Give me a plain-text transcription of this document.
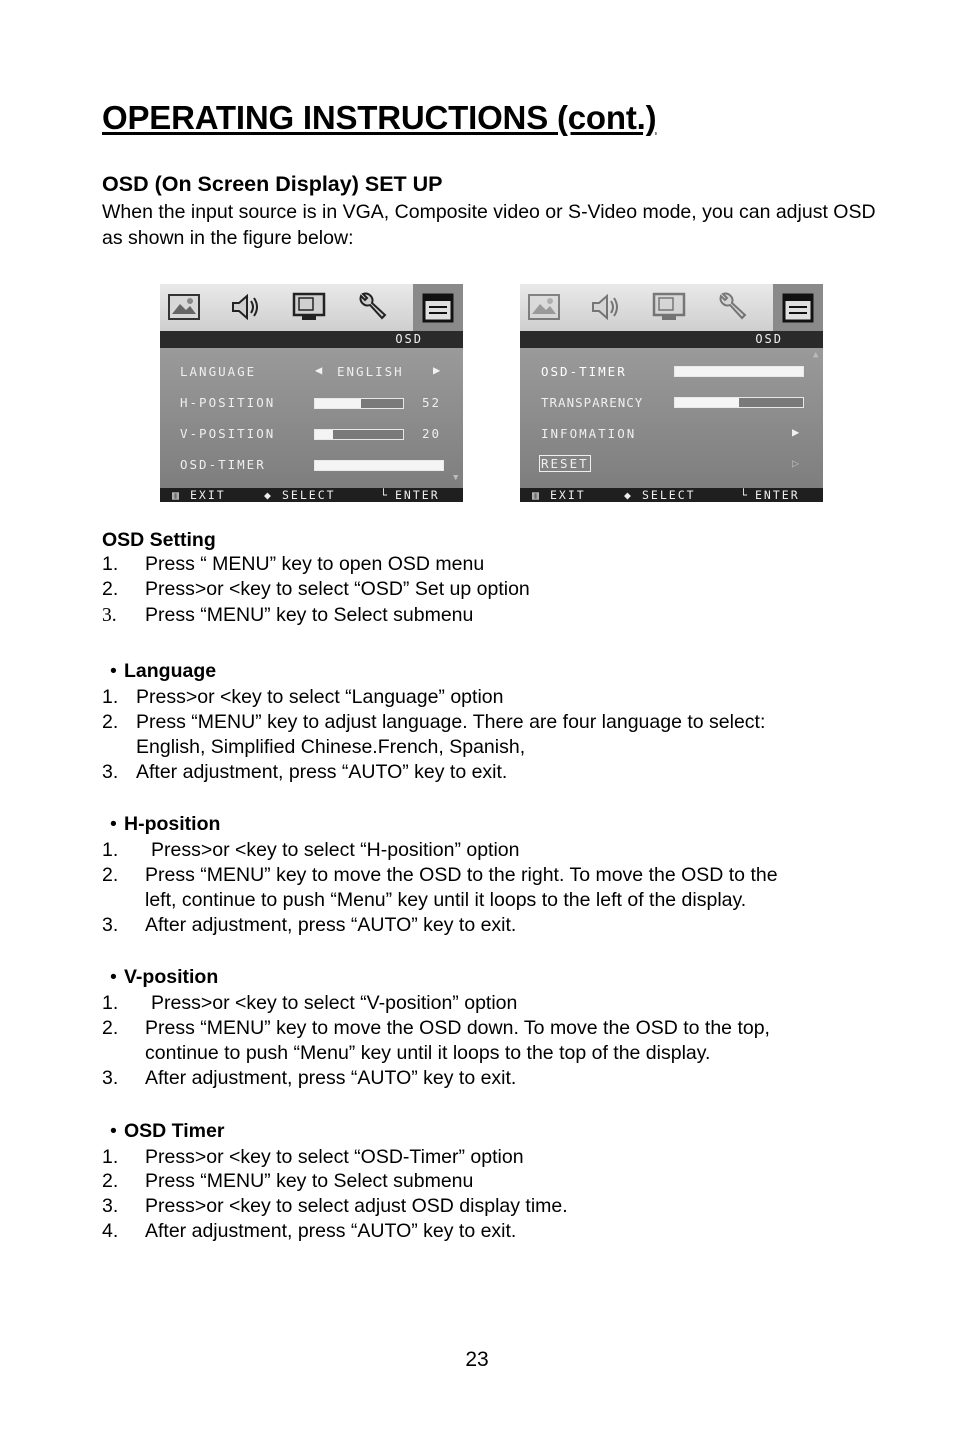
OPERATING INSTRUCTIONS (cont.)
OSD (On Screen Display) SET UP
When the input source is in VGA, Composite video or S-Video mode, you can adjust OSD as shown in the figure below:
OSD
LANGUAGE	◀ ENGLISH ▶
H-POSITION	52
V-POSITION	20
OSD-TIMER
▼
▥ EXIT	◆ SELECT	└ ENTER
OSD
▲
OSD-TIMER
TRANSPARENCY
INFOMATION	▶
RESET	▷
▥ EXIT	◆ SELECT	└ ENTER
OSD Setting
1. Press “ MENU” key to open OSD menu
2. Press>or <key to select “OSD” Set up option
3. Press “MENU” key to Select submenu
• Language
1. Press>or <key to select “Language” option
2. Press “MENU” key to adjust language. There are four language to select:
English, Simplified Chinese.French, Spanish,
3. After adjustment, press “AUTO” key to exit.
• H-position
1. Press>or <key to select “H-position” option
2. Press “MENU” key to move the OSD to the right. To move the OSD to the
left, continue to push “Menu” key until it loops to the left of the display.
3. After adjustment, press “AUTO” key to exit.
• V-position
1. Press>or <key to select “V-position” option
2. Press “MENU” key to move the OSD down. To move the OSD to the top,
continue to push “Menu” key until it loops to the top of the display.
3. After adjustment, press “AUTO” key to exit.
• OSD Timer
1. Press>or <key to select “OSD-Timer” option
2. Press “MENU” key to Select submenu
3. Press>or <key to select adjust OSD display time.
4. After adjustment, press “AUTO” key to exit.
23
